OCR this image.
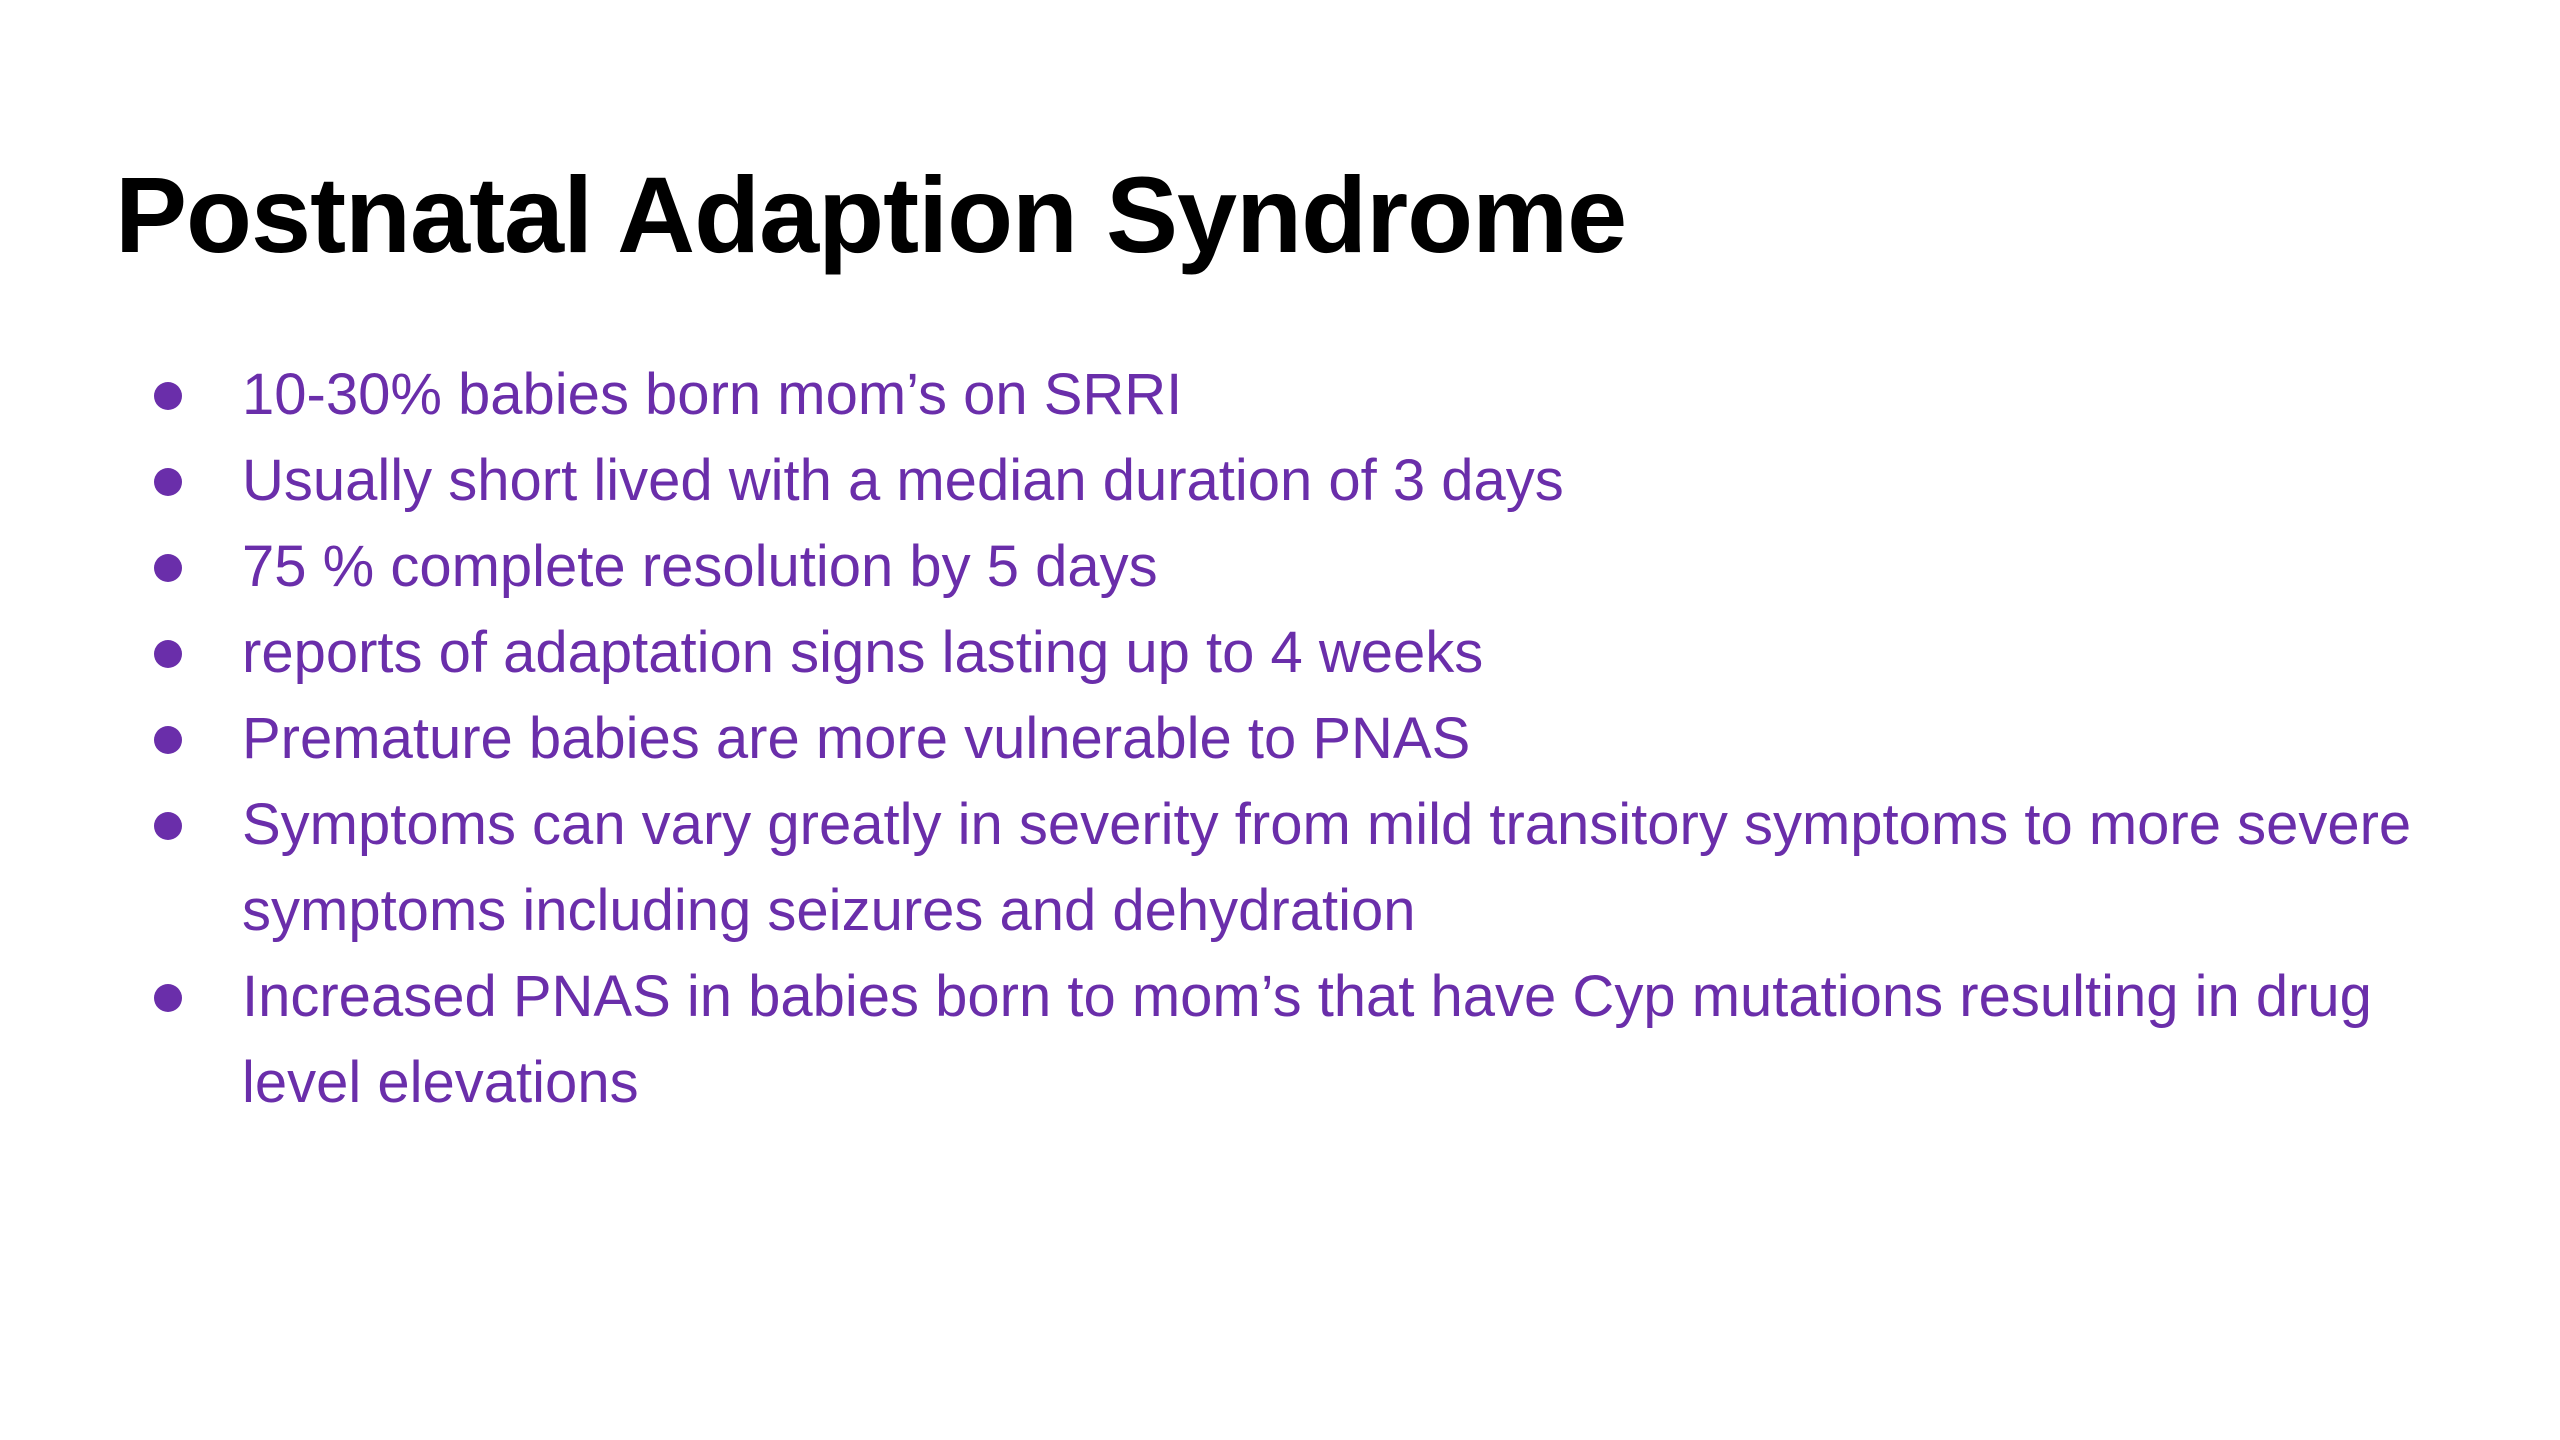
Postnatal Adaption Syndrome
10-30% babies born mom’s on SRRI
Usually short lived with a median duration of 3 days
75 % complete resolution by 5 days
reports of adaptation signs lasting up to 4 weeks
Premature babies are more vulnerable to PNAS
Symptoms can vary greatly in severity from mild transitory symptoms to more severe symptoms including seizures and dehydration
Increased PNAS in babies born to mom’s that have Cyp mutations resulting in drug level elevations
